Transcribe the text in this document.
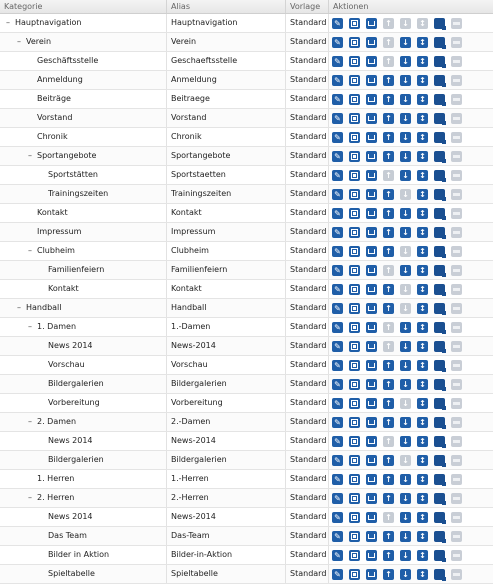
Kategorie	Alias	Vorlage	Aktionen
– Hauptnavigation	Hauptnavigation	Standard ✎	↑ ↓ ↕
– Verein	Verein	Standard ✎	↑ ↓ ↕
Geschäftsstelle	Geschaeftsstelle	Standard ✎	↑ ↓ ↕
Anmeldung	Anmeldung	Standard ✎	↑ ↓ ↕
Beiträge	Beitraege	Standard ✎	↑ ↓ ↕
Vorstand	Vorstand	Standard ✎	↑ ↓ ↕
Chronik	Chronik	Standard ✎	↑ ↓ ↕
– Sportangebote	Sportangebote	Standard ✎	↑ ↓ ↕
Sportstätten	Sportstaetten	Standard ✎	↑ ↓ ↕
Trainingszeiten	Trainingszeiten	Standard ✎	↑ ↓ ↕
Kontakt	Kontakt	Standard ✎	↑ ↓ ↕
Impressum	Impressum	Standard ✎	↑ ↓ ↕
– Clubheim	Clubheim	Standard ✎	↑ ↓ ↕
Familienfeiern	Familienfeiern	Standard ✎	↑ ↓ ↕
Kontakt	Kontakt	Standard ✎	↑ ↓ ↕
– Handball	Handball	Standard ✎	↑ ↓ ↕
– 1. Damen	1.-Damen	Standard ✎	↑ ↓ ↕
News 2014	News-2014	Standard ✎	↑ ↓ ↕
Vorschau	Vorschau	Standard ✎	↑ ↓ ↕
Bildergalerien	Bildergalerien	Standard ✎	↑ ↓ ↕
Vorbereitung	Vorbereitung	Standard ✎	↑ ↓ ↕
– 2. Damen	2.-Damen	Standard ✎	↑ ↓ ↕
News 2014	News-2014	Standard ✎	↑ ↓ ↕
Bildergalerien	Bildergalerien	Standard ✎	↑ ↓ ↕
1. Herren	1.-Herren	Standard ✎	↑ ↓ ↕
– 2. Herren	2.-Herren	Standard ✎	↑ ↓ ↕
News 2014	News-2014	Standard ✎	↑ ↓ ↕
Das Team	Das-Team	Standard ✎	↑ ↓ ↕
Bilder in Aktion	Bilder-in-Aktion	Standard ✎	↑ ↓ ↕
Spieltabelle	Spieltabelle	Standard ✎	↑ ↓ ↕
